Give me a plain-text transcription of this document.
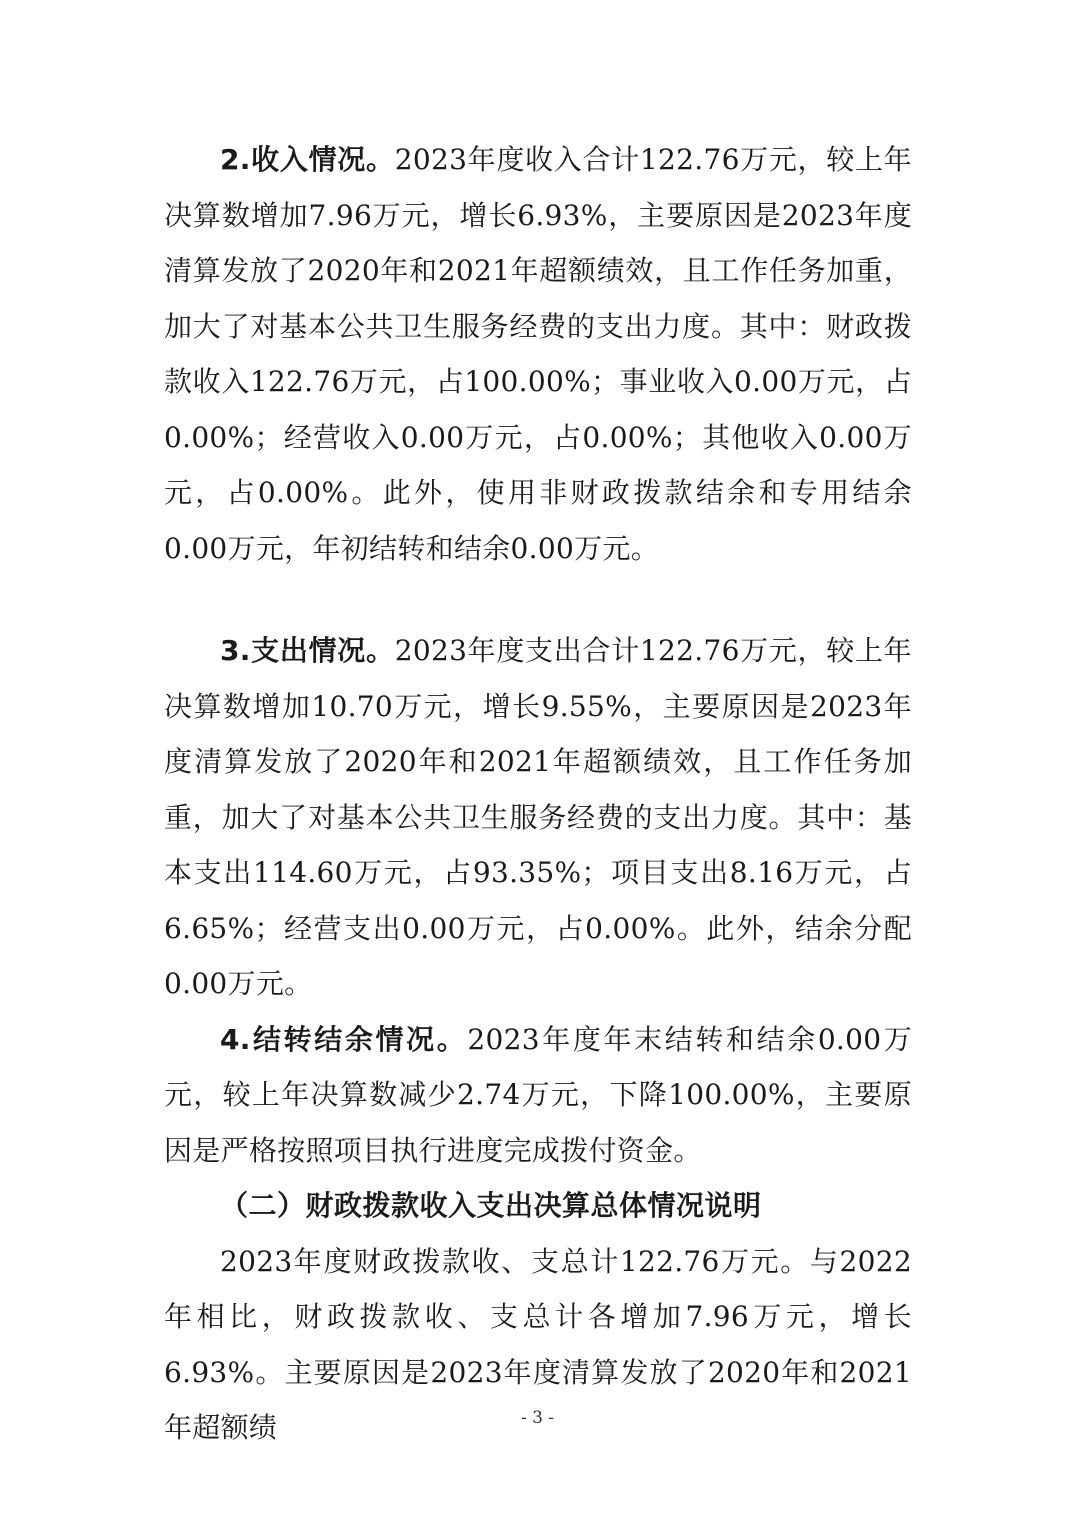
2.收入情况。2023年度收入合计122.76万元，较上年决算数增加7.96万元，增长6.93%，主要原因是2023年度清算发放了2020年和2021年超额绩效，且工作任务加重，加大了对基本公共卫生服务经费的支出力度。其中：财政拨款收入122.76万元，占100.00%；事业收入0.00万元，占0.00%；经营收入0.00万元，占0.00%；其他收入0.00万元，占0.00%。此外，使用非财政拨款结余和专用结余0.00万元，年初结转和结余0.00万元。

3.支出情况。2023年度支出合计122.76万元，较上年决算数增加10.70万元，增长9.55%，主要原因是2023年度清算发放了2020年和2021年超额绩效，且工作任务加重，加大了对基本公共卫生服务经费的支出力度。其中：基本支出114.60万元，占93.35%；项目支出8.16万元，占6.65%；经营支出0.00万元，占0.00%。此外，结余分配0.00万元。

4.结转结余情况。2023年度年末结转和结余0.00万元，较上年决算数减少2.74万元，下降100.00%，主要原因是严格按照项目执行进度完成拨付资金。

（二）财政拨款收入支出决算总体情况说明

2023年度财政拨款收、支总计122.76万元。与2022年相比，财政拨款收、支总计各增加7.96万元，增长6.93%。主要原因是2023年度清算发放了2020年和2021年超额绩	- 3 -
